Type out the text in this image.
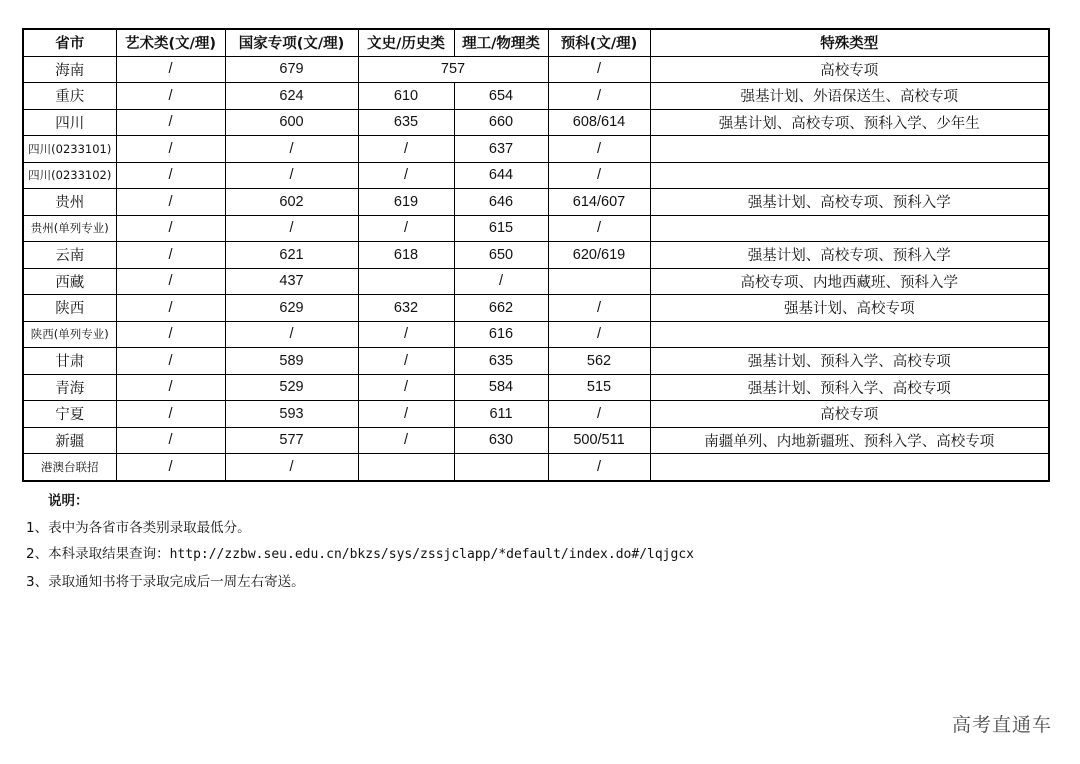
省市	艺术类(文/理)	国家专项(文/理)	文史/历史类	理工/物理类	预科(文/理)	特殊类型
海南	/	679	757		/	高校专项
重庆	/	624	610	654	/	强基计划、外语保送生、高校专项
四川	/	600	635	660	608/614	强基计划、高校专项、预科入学、少年生
四川(0233101)	/	/	/	637	/	
四川(0233102)	/	/	/	644	/	
贵州	/	602	619	646	614/607	强基计划、高校专项、预科入学
贵州(单列专业)	/	/	/	615	/	
云南	/	621	618	650	620/619	强基计划、高校专项、预科入学
西藏	/	437		/		高校专项、内地西藏班、预科入学
陕西	/	629	632	662	/	强基计划、高校专项
陕西(单列专业)	/	/	/	616	/	
甘肃	/	589	/	635	562	强基计划、预科入学、高校专项
青海	/	529	/	584	515	强基计划、预科入学、高校专项
宁夏	/	593	/	611	/	高校专项
新疆	/	577	/	630	500/511	南疆单列、内地新疆班、预科入学、高校专项
港澳台联招	/	/			/	
说明：
1、表中为各省市各类别录取最低分。
2、本科录取结果查询：http://zzbw.seu.edu.cn/bkzs/sys/zssjclapp/*default/index.do#/lqjgcx
3、录取通知书将于录取完成后一周左右寄送。
高考直通车
